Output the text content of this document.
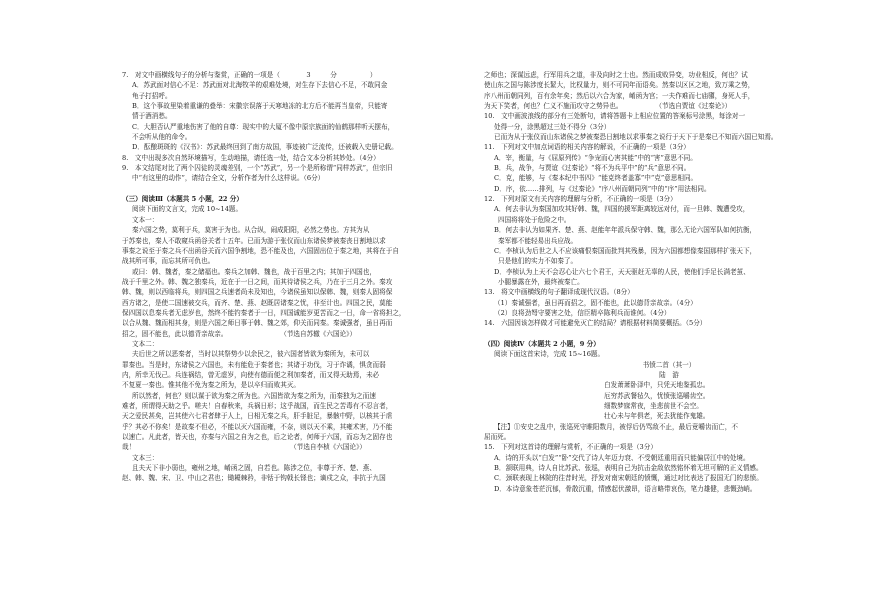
7.　对文中画横线句子的分析与鉴赏，正确的一项是（　　　　3　　　分　　　　　）
A．苏武面对信心不足：苏武面对北海牧羊的艰难处境，对生存下去信心不足，不敢同金
龟子打招呼。
B．这个事故里染着重谦的叠举：宋徽宗误落于天寒地冻的北方后不能再当皇帝，只能寄
情于酒消愁。
C．大胆否认严重地伤害了他的自尊：现实中的大厦不像中原宗族面的仙鹤那样听天摆布，
不会听从他的命令。
D．酝酿斑斑的《汉书》：苏武最终回到了南方故国，事迹被广泛流传，还被载入史册记载。
8.　文中出现多次自然环境描写，生动地描，请任选一处，结合文本分析其妙处。（4分）
9.　本文结尾对比了两个囚徒的灵魂差别，一个“苏武”，另一个是所称谓“同样苏武”，但宗旧
中“有这里的动作”，请结合全文，分析作者为什么这样说。（6分）
（三）阅读Ⅲ（本题共 5 小题，22 分）
阅读下面的文言文，完成 10~14题。
文本一：
秦六国之势，莫利于兵，莫害于为也。从合纵，闹成阳阳，必然之势也。方其为从
于苏秦也，秦人不敢窥兵函谷关者十五年。已而为游于张仪而山东诸侯梦被秦丧日割地以求
事秦之说至于秦之兵不出函谷关而六国争割地，恐不能及也，六国固出位于秦之地，其将在于自
战其所可事，而忘其所可仇也。
或曰：韩、魏者，秦之储福也。秦兵之加韩、魏也，战于百里之内；其加于四国也，
战于千里之外。韩、魏之独秦兵，近在于一日之间，而其待诸侯之兵，乃在于三月之外。秦攻
韩、魏，则以西临将兵，则四国之兵速者尚未及知也，今诸侯虽知以保韩、魏，则秦人固将保
西方诸之，是使二国速被交兵，而齐、楚、燕、赵既居诸秦之忧，非至计也。四国之民，莫能
保四国以息秦兵者无虑岁也，然终不能钓秦者于一日，四国诚能岁更苦而之一日，命一省将担之，
以合从魏、魏而相其身，则是六国之师日事于韩、魏之郊，仰关而同秦。秦诚强者，虽日再而
招之，固不能也，此以德背亲故亲。　　　　　　　　　（节选自苏辙《六国论》）
文本二：
夫后世之所以恶秦者，当时以其祭势少以余民之，彼六国者皆欲为秦所为，未可以
罪秦也。当是时，东诸侯之六国也，未有能危于秦者也；其诸于功伐，习于诈谲，惧贪而弱
内，所幸无伐己。兵连祸结，曾无虚岁，向使有德而便之利加秦者，而又得天助焉，未必
不复夏一秦也。惟其他不免为秦之所为，是以卒归而败其灭。
所以然者，何也？则以谋于欲为秦之所为也。六国皆欲为秦之所为，而秦独为之而速
难者，所谓得天助之乎。嗟夫！自春秋来，兵祸日形；这乎战国，而生民之苦毒有不忍言者，
天之爱民甚矣，岂其使六七君者肆于人上，日相无秦之兵，肝手脏足，暴骸中野，以核其于虐
乎？其必不你矣！是故秦不但必，不能以灭六国而雍，不奈，则以天不乘，其雍术害，乃不能
以速亡。凡此者，皆天也，亦秦与六国之自为之也，后之论者，何师于六国，而忘为之固存也
哉！　　　　　　　　　　　　　　　　　　　　　　　　（节选自李桢《六国论》）
文本三：
且夫天下非小弱也，雍州之地，崤函之固，自若也。陈涉之位，非尊于齐、楚、燕、
赵、韩、魏、宋、卫、中山之君也；锄耰棘矜，非铦于钩戟长铩也；谪戍之众，非抗于九国
之师也；深谋远虑，行军用兵之道，非及向时之士也。然而成败异变，功业相反，何也？试
使山东之国与陈涉度长絜大，比权量力，则不可同年而语矣。然秦以区区之地，致万乘之势，
序八州而朝同列，百有余年矣；然后以六合为家，崤函为宫；一夫作难而七庙隳，身死人手，
为天下笑者，何也？仁义不施而攻守之势异也。　　　　　　（节选自贾谊《过秦论》）
10.　文中画波浪线的部分有三处断句，请将答题卡上相应位置的答案标号涂黑，每涂对一
处得一分，涂黑超过三处不得分（3分）
已而为从于张仪而山东诸侯之梦被秦恐日割地以求事秦之说行于天下于是秦已不知而六国已知焉。
11.　下列对文中加点词语的相关内容的解说，不正确的一项是（3分）
A．宰，衡量，与《屈原列传》“争宠而心害其能”中的“害”意思不同。
B．兵，战争，与贾谊《过秦论》“将不为兵平中”的“兵”意思不同。
C．克，能够，与《秦本纪中书四》“能克终者盖寡”中“克”意思相同。
D．序，依……排列，与《过秦论》“序八州而朝同列”中的“序”用法相同。
12.　下列对原文有关内容的理解与分析，不正确的一项是（3分）
A．何去非认为秦国加攻其好韩、魏，四国的援军距离较远对付，而一旦韩、魏遭受攻，
四国将将处于危险之中。
B．何去非认为如果齐、楚、燕、赵能年年派兵保守韩、魏，那么无论六国军队如何抗衡，
秦军都不能轻易出兵应战。
C．李桢认为后世之人不应该痛恨秦国而批判其残暴，因为六国都想像秦国那样扩张天下，
只是他们的实力不如秦了。
D．李桢认为上天不会忍心让六七个君王，天天驱赶无辜的人民，使他们手足长满老茧、
小腿暴露在外，最终被秦亡。
13.　将文中画横线的句子翻译成现代汉语。（8分）
（1）秦诚强者，虽日再而招之，固不能也，此以德背亲故亲。（4分）
（2）良将劲弩守要害之处，信臣精卒陈利兵而谁何。（4分）
14.　六国因该怎样做才可能避免灭亡的结局？请根据材料简要概括。（5分）
（四）阅读Ⅳ（本题共 2 小题，9 分）
阅读下面这首宋诗，完成 15~16题。
书愤二首（其一）
陆　游
白发萧萧卧泽中，只凭天地鉴孤忠。
厄穷苏武餐毡久，忧愤张巡嚼齿空。
细数梦寐常夜，坐悲前世不会空。
壮心未与年俱老，死去犹能作鬼雄。
【注】①安史之乱中，张巡死守睢阳数月，被俘后仍骂敌不止，最后竟嚼齿而亡，不
屈而死。
15.　下列对这首诗的理解与赏析，不正确的一项是（3分）
A．诗的开头以“白发”“卧”交代了诗人年迈力衰、不受朝廷重用而只能偏居江中的处境。
B．颔联用典，诗人自比苏武、张巡，表明自己为抗击金敌依然铭怀着无坦可解的正义情感。
C．颈联表现上林院的往昔时光，抒发对南宋朝廷的愤慨，通过对比表达了报国无门的悲愤。
D．本诗意象苍茫沉郁，骨散沉重，情感起伏激昂，语言略带哀伤，笔力雄健，悲慨劲峭。
